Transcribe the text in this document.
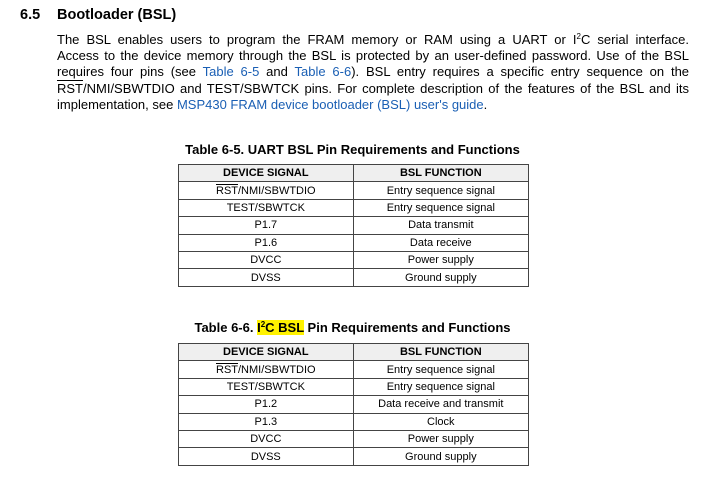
6.5 Bootloader (BSL)
The BSL enables users to program the FRAM memory or RAM using a UART or $I^2C$ serial interface.
Access to the device memory through the BSL is protected by an user-defined password. Use of the BSL
requires four pins (see Table 6-5 and Table 6-6). BSL entry requires a specific entry sequence on the
$\overline{RST}/NMI$/SBWTDIO and TEST/SBWTCK pins. For complete description of the features of the BSL and its
implementation, see MSP430 FRAM device bootloader (BSL) user's guide.
Table 6-5. UART BSL Pin Requirements and Functions
DEVICE SIGNAL	BSL FUNCTION
$\overline{RST}/NMI$/SBWTDIO	Entry sequence signal
TEST/SBWTCK	Entry sequence signal
P1.7	Data transmit
P1.6	Data receive
DVCC	Power supply
DVSS	Ground supply
Table 6-6. $I^2C$ BSL Pin Requirements and Functions
DEVICE SIGNAL	BSL FUNCTION
$\overline{RST}/NMI$/SBWTDIO	Entry sequence signal
TEST/SBWTCK	Entry sequence signal
P1.2	Data receive and transmit
P1.3	Clock
DVCC	Power supply
DVSS	Ground supply
